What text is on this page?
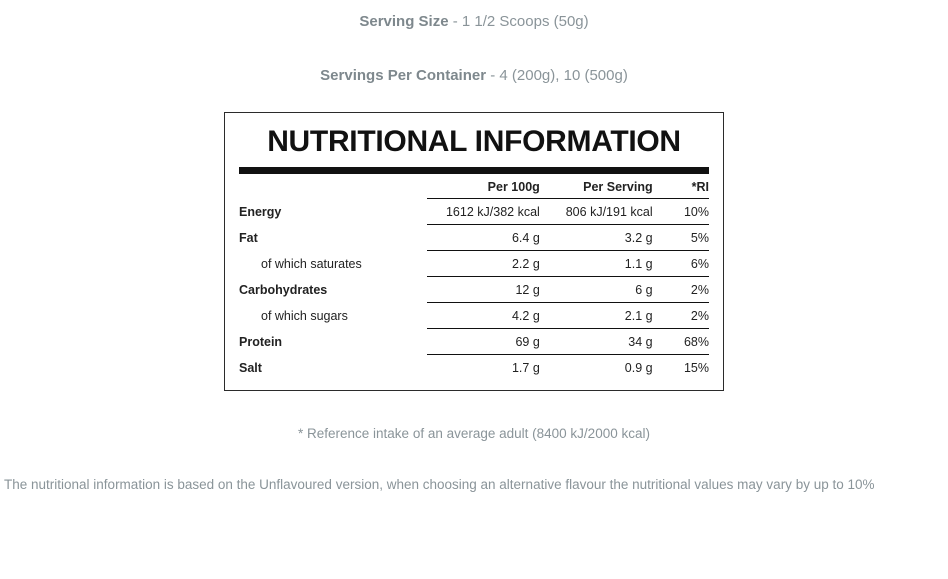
Serving Size - 1 1/2 Scoops (50g)
Servings Per Container - 4 (200g), 10 (500g)
NUTRITIONAL INFORMATION
	Per 100g	Per Serving	*RI
Energy	1612 kJ/382 kcal	806 kJ/191 kcal	10%
Fat	6.4 g	3.2 g	5%
of which saturates	2.2 g	1.1 g	6%
Carbohydrates	12 g	6 g	2%
of which sugars	4.2 g	2.1 g	2%
Protein	69 g	34 g	68%
Salt	1.7 g	0.9 g	15%
* Reference intake of an average adult (8400 kJ/2000 kcal)
The nutritional information is based on the Unflavoured version, when choosing an alternative flavour the nutritional values may vary by up to 10%
